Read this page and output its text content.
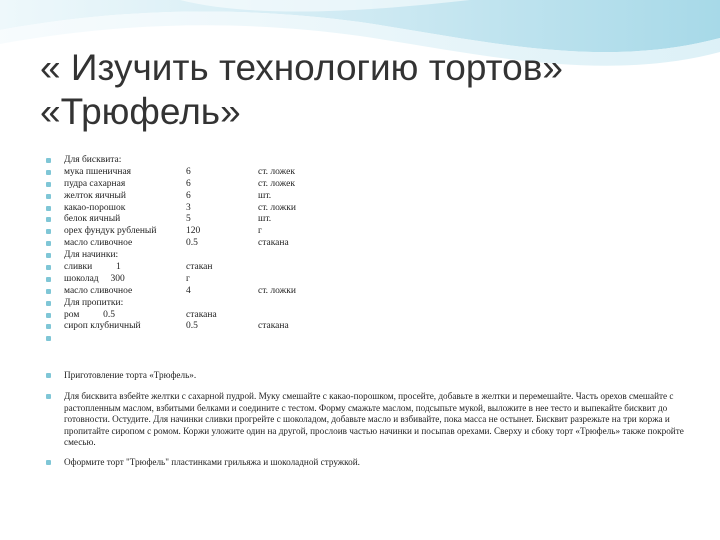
« Изучить технологию тортов»
«Трюфель»
Для бисквита:
мука пшеничная	6	ст. ложек
пудра сахарная	6	ст. ложек
желток яичный	6	шт.
какао-порошок	3	ст. ложки
белок яичный	5	шт.
орех фундук рубленый	120	г
масло сливочное	0.5	стакана
Для начинки:
сливки          1	стакан
шоколад     300	г
масло сливочное	4	ст. ложки
Для пропитки:
ром          0.5	стакана
сироп клубничный	0.5	стакана
Приготовление торта «Трюфель».
Для бисквита взбейте желтки с сахарной пудрой. Муку смешайте с какао-порошком, просейте, добавьте в желтки и перемешайте. Часть орехов смешайте с растопленным маслом, взбитыми белками и соедините с тестом. Форму смажьте маслом, подсыпьте мукой, выложите в нее тесто и выпекайте бисквит до готовности. Остудите. Для начинки сливки прогрейте с шоколадом, добавьте масло и взбивайте, пока масса не остынет. Бисквит разрежьте на три коржа и пропитайте сиропом с ромом. Коржи уложите один на другой, прослоив частью начинки и посыпав орехами. Сверху и сбоку торт «Трюфель» также покройте смесью.
Оформите торт "Трюфель" пластинками грильяжа и шоколадной стружкой.
